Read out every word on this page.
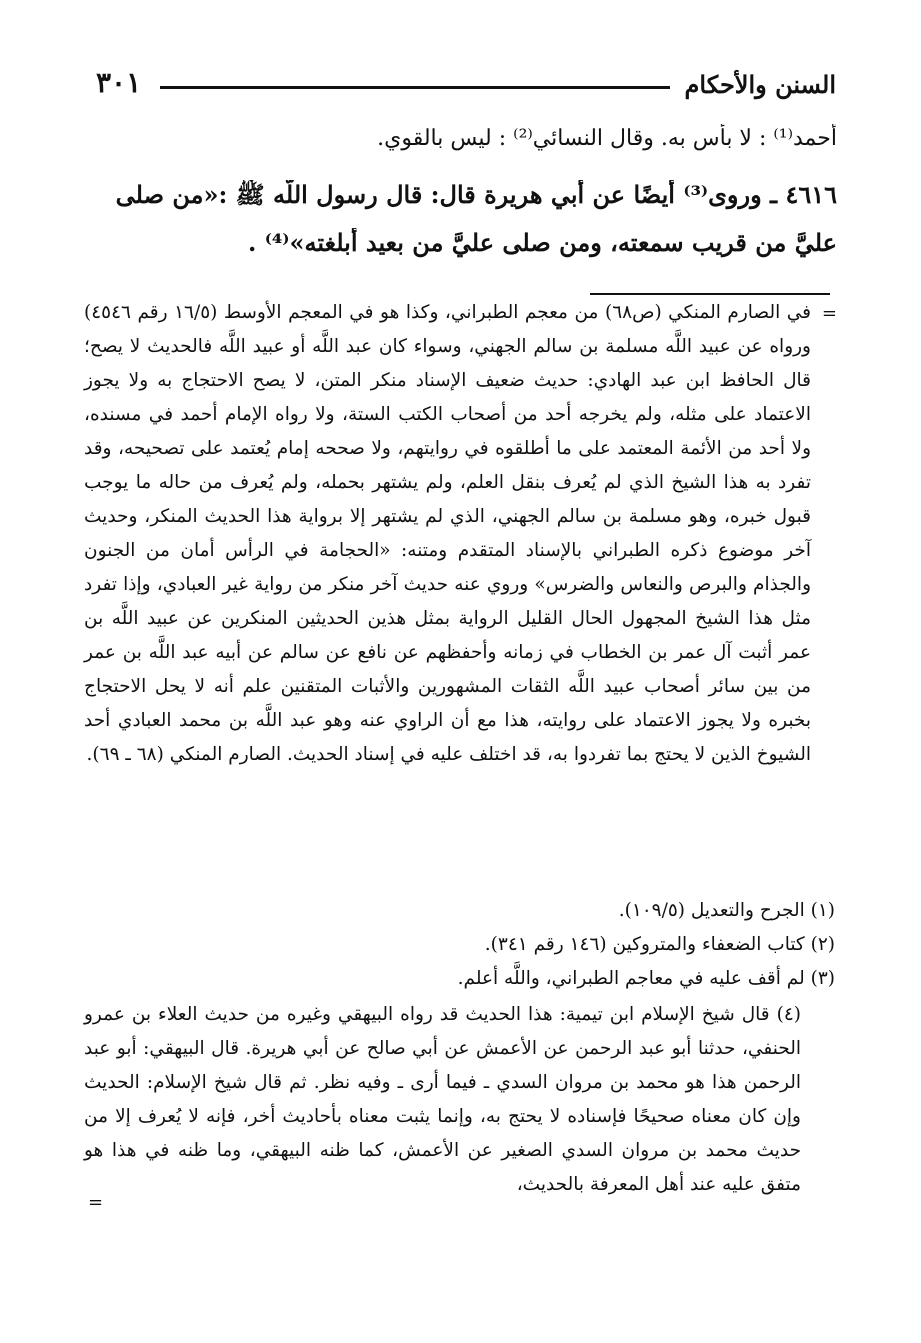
السنن والأحكام
٣٠١
أحمد⁽¹⁾ : لا بأس به. وقال النسائي⁽²⁾ : ليس بالقوي.
٤٦١٦ ـ وروى⁽³⁾ أيضًا عن أبي هريرة قال: قال رسول اللَّه ﷺ :«من صلى
عليَّ من قريب سمعته، ومن صلى عليَّ من بعيد أُبلغته»⁽⁴⁾ .
=

في الصارم المنكي (ص٦٨) من معجم الطبراني، وكذا هو في المعجم الأوسط (١٦/٥ رقم ٤٥٤٦) ورواه عن عبيد اللَّه مسلمة بن سالم الجهني، وسواء كان عبد اللَّه أو عبيد اللَّه فالحديث لا يصح؛ قال الحافظ ابن عبد الهادي: حديث ضعيف الإسناد منكر المتن، لا يصح الاحتجاج به ولا يجوز الاعتماد على مثله، ولم يخرجه أحد من أصحاب الكتب الستة، ولا رواه الإمام أحمد في مسنده، ولا أحد من الأئمة المعتمد على ما أطلقوه في روايتهم، ولا صححه إمام يُعتمد على تصحيحه، وقد تفرد به هذا الشيخ الذي لم يُعرف بنقل العلم، ولم يشتهر بحمله، ولم يُعرف من حاله ما يوجب قبول خبره، وهو مسلمة بن سالم الجهني، الذي لم يشتهر إلا برواية هذا الحديث المنكر، وحديث آخر موضوع ذكره الطبراني بالإسناد المتقدم ومتنه: «الحجامة في الرأس أمان من الجنون والجذام والبرص والنعاس والضرس» وروي عنه حديث آخر منكر من رواية غير العبادي، وإذا تفرد مثل هذا الشيخ المجهول الحال القليل الرواية بمثل هذين الحديثين المنكرين عن عبيد اللَّه بن عمر أثبت آل عمر بن الخطاب في زمانه وأحفظهم عن نافع عن سالم عن أبيه عبد اللَّه بن عمر من بين سائر أصحاب عبيد اللَّه الثقات المشهورين والأثبات المتقنين علم أنه لا يحل الاحتجاج بخبره ولا يجوز الاعتماد على روايته، هذا مع أن الراوي عنه وهو عبد اللَّه بن محمد العبادي أحد الشيوخ الذين لا يحتج بما تفردوا به، قد اختلف عليه في إسناد الحديث. الصارم المنكي (٦٨ ـ ٦٩).

(١) الجرح والتعديل (١٠٩/٥).
(٢) كتاب الضعفاء والمتروكين (١٤٦ رقم ٣٤١).
(٣) لم أقف عليه في معاجم الطبراني، واللَّه أعلم.

(٤) قال شيخ الإسلام ابن تيمية: هذا الحديث قد رواه البيهقي وغيره من حديث العلاء بن عمرو الحنفي، حدثنا أبو عبد الرحمن عن الأعمش عن أبي صالح عن أبي هريرة. قال البيهقي: أبو عبد الرحمن هذا هو محمد بن مروان السدي ـ فيما أرى ـ وفيه نظر. ثم قال شيخ الإسلام: الحديث وإن كان معناه صحيحًا فإسناده لا يحتج به، وإنما يثبت معناه بأحاديث أخر، فإنه لا يُعرف إلا من حديث محمد بن مروان السدي الصغير عن الأعمش، كما ظنه البيهقي، وما ظنه في هذا هو متفق عليه عند أهل المعرفة بالحديث،

=
